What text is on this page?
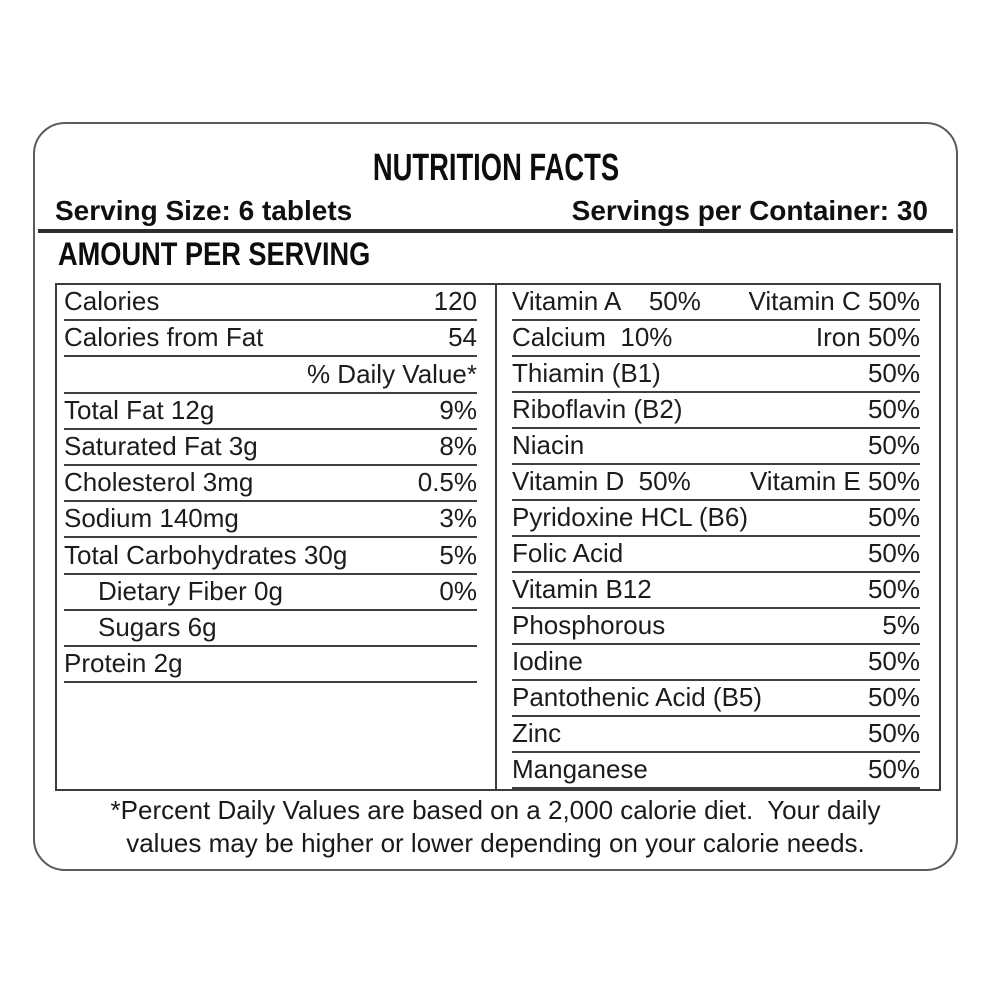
NUTRITION FACTS
Serving Size: 6 tablets	Servings per Container: 30
AMOUNT PER SERVING
Calories	120
Calories from Fat	54
% Daily Value*
Total Fat 12g	9%
Saturated Fat 3g	8%
Cholesterol 3mg	0.5%
Sodium 140mg	3%
Total Carbohydrates 30g	5%
Dietary Fiber 0g	0%
Sugars 6g
Protein 2g
Vitamin A    50% Vitamin C 50%
Calcium  10%	Iron 50%
Thiamin (B1)	50%
Riboflavin (B2)	50%
Niacin	50%
Vitamin D  50% Vitamin E 50%
Pyridoxine HCL (B6)	50%
Folic Acid	50%
Vitamin B12	50%
Phosphorous	5%
Iodine	50%
Pantothenic Acid (B5)	50%
Zinc	50%
Manganese	50%
*Percent Daily Values are based on a 2,000 calorie diet.  Your daily
values may be higher or lower depending on your calorie needs.
